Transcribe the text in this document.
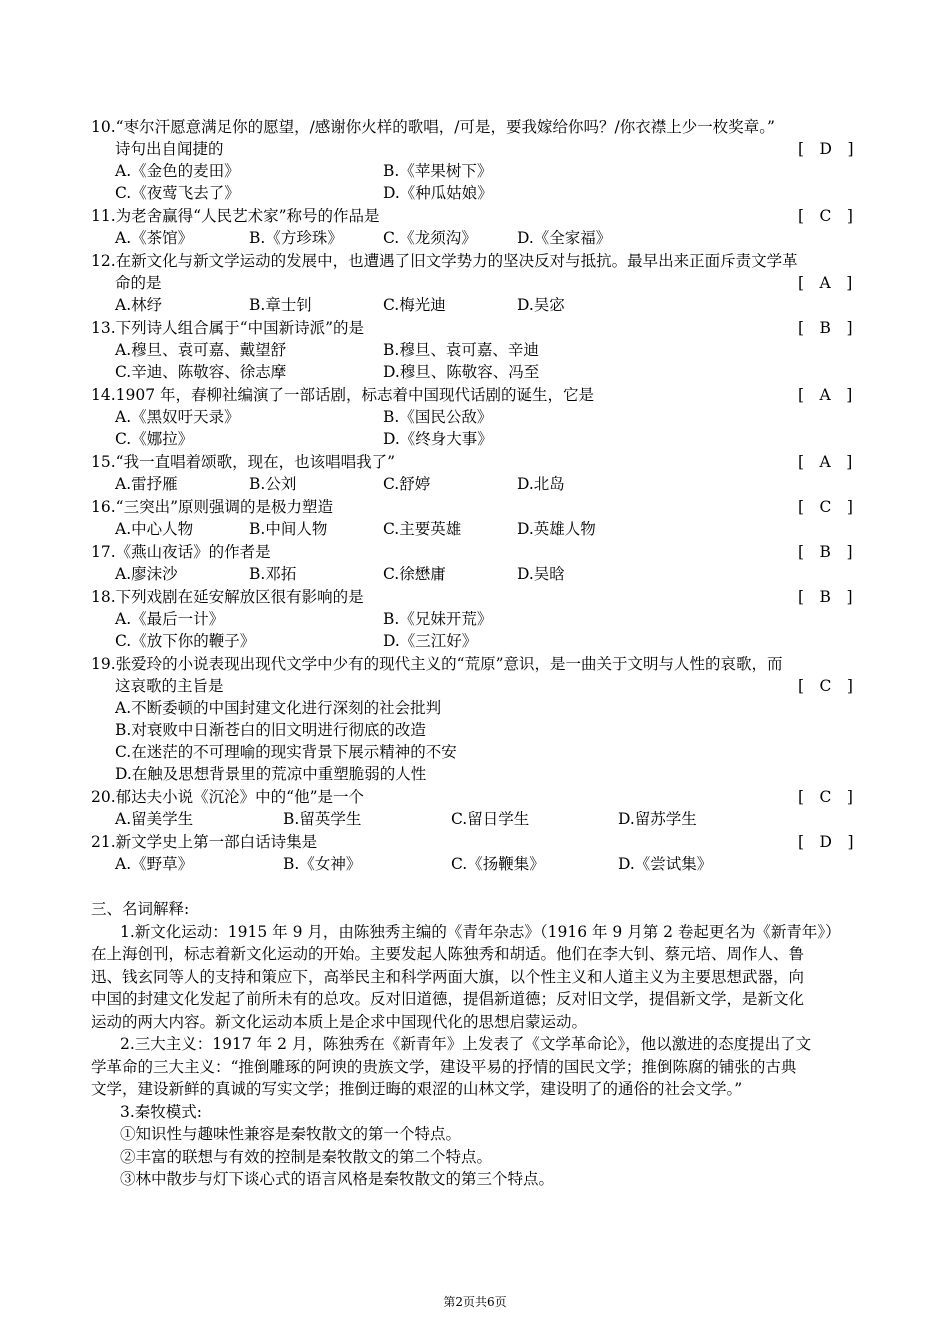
10.“枣尔汗愿意满足你的愿望，/感谢你火样的歌唱，/可是，要我嫁给你吗？/你衣襟上少一枚奖章。”
诗句出自闻捷的	[　D　]
A.《金色的麦田》	B.《苹果树下》
C.《夜莺飞去了》	D.《种瓜姑娘》
11.为老舍赢得“人民艺术家”称号的作品是	[　C　]
A.《茶馆》	B.《方珍珠》	C.《龙须沟》	D.《全家福》
12.在新文化与新文学运动的发展中，也遭遇了旧文学势力的坚决反对与抵抗。最早出来正面斥责文学革
命的是	[　A　]
A.林纾	B.章士钊	C.梅光迪	D.吴宓
13.下列诗人组合属于“中国新诗派”的是	[　B　]
A.穆旦、袁可嘉、戴望舒	B.穆旦、袁可嘉、辛迪
C.辛迪、陈敬容、徐志摩	D.穆旦、陈敬容、冯至
14.1907 年，春柳社编演了一部话剧，标志着中国现代话剧的诞生，它是	[　A　]
A.《黑奴吁天录》	B.《国民公敌》
C.《娜拉》	D.《终身大事》
15.“我一直唱着颂歌，现在，也该唱唱我了”	[　A　]
A.雷抒雁	B.公刘	C.舒婷	D.北岛
16.“三突出”原则强调的是极力塑造	[　C　]
A.中心人物	B.中间人物	C.主要英雄	D.英雄人物
17.《燕山夜话》的作者是	[　B　]
A.廖沫沙	B.邓拓	C.徐懋庸	D.吴晗
18.下列戏剧在延安解放区很有影响的是	[　B　]
A.《最后一计》	B.《兄妹开荒》
C.《放下你的鞭子》	D.《三江好》
19.张爱玲的小说表现出现代文学中少有的现代主义的“荒原”意识，是一曲关于文明与人性的哀歌，而
这哀歌的主旨是	[　C　]
A.不断委顿的中国封建文化进行深刻的社会批判
B.对衰败中日渐苍白的旧文明进行彻底的改造
C.在迷茫的不可理喻的现实背景下展示精神的不安
D.在触及思想背景里的荒凉中重塑脆弱的人性
20.郁达夫小说《沉沦》中的“他”是一个	[　C　]
A.留美学生	B.留英学生	C.留日学生	D.留苏学生
21.新文学史上第一部白话诗集是	[　D　]
A.《野草》	B.《女神》	C.《扬鞭集》	D.《尝试集》
三、名词解释:
1.新文化运动：1915 年 9 月，由陈独秀主编的《青年杂志》（1916 年 9 月第 2 卷起更名为《新青年》）
在上海创刊，标志着新文化运动的开始。主要发起人陈独秀和胡适。他们在李大钊、蔡元培、周作人、鲁
迅、钱玄同等人的支持和策应下，高举民主和科学两面大旗，以个性主义和人道主义为主要思想武器，向
中国的封建文化发起了前所未有的总攻。反对旧道德，提倡新道德；反对旧文学，提倡新文学，是新文化
运动的两大内容。新文化运动本质上是企求中国现代化的思想启蒙运动。
2.三大主义：1917 年 2 月，陈独秀在《新青年》上发表了《文学革命论》，他以激进的态度提出了文
学革命的三大主义：“推倒雕琢的阿谀的贵族文学，建设平易的抒情的国民文学；推倒陈腐的铺张的古典
文学，建设新鲜的真诚的写实文学；推倒迂晦的艰涩的山林文学，建设明了的通俗的社会文学。”
3.秦牧模式:
①知识性与趣味性兼容是秦牧散文的第一个特点。
②丰富的联想与有效的控制是秦牧散文的第二个特点。
③林中散步与灯下谈心式的语言风格是秦牧散文的第三个特点。
第2页共6页
